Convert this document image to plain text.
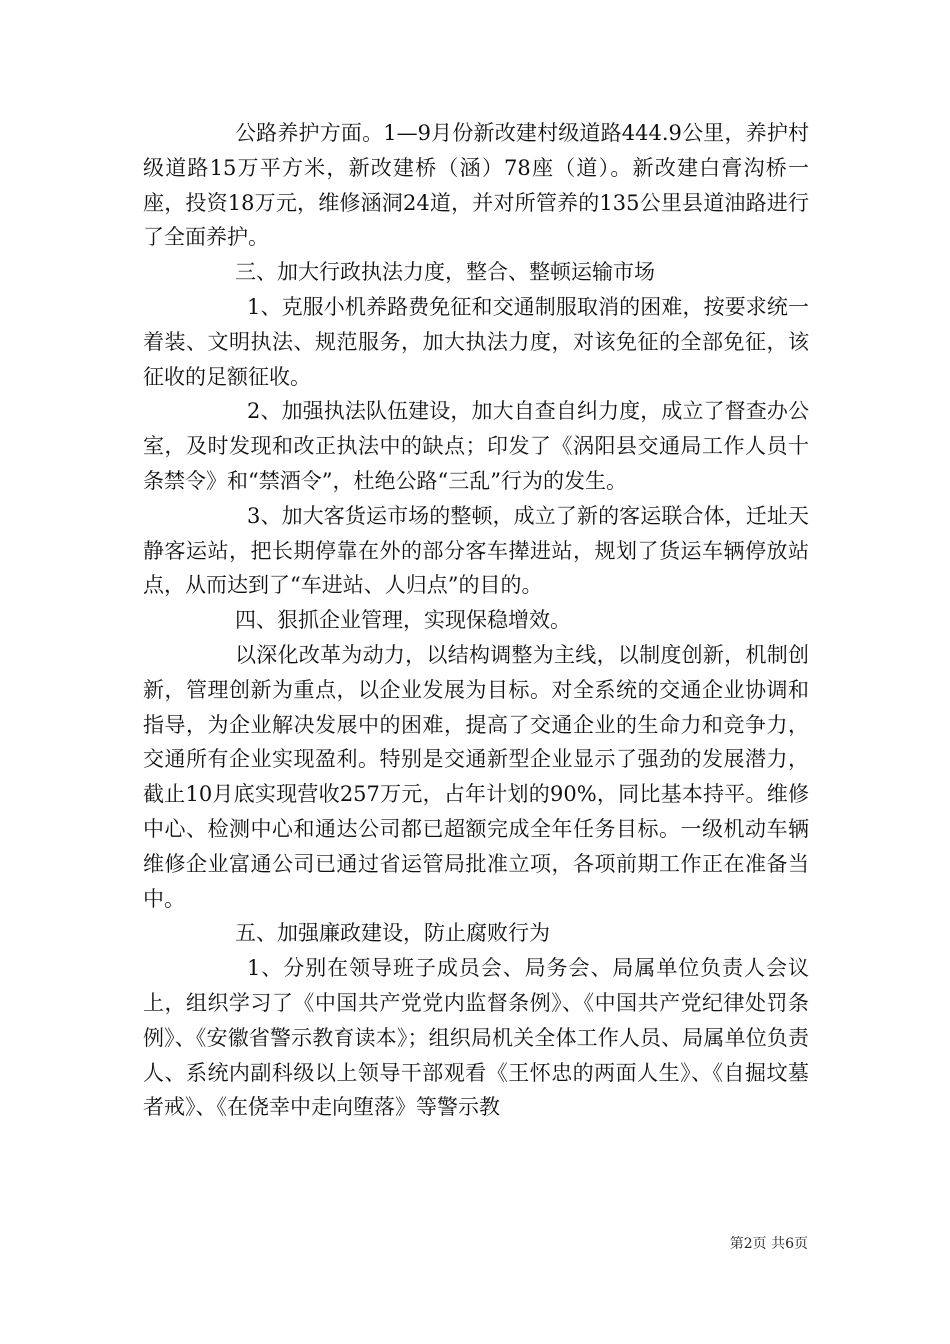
公路养护方面。1—9月份新改建村级道路444.9公里，养护村级道路15万平方米，新改建桥（涵）78座（道）。新改建白膏沟桥一座，投资18万元，维修涵洞24道，并对所管养的135公里县道油路进行了全面养护。

三、加大行政执法力度，整合、整顿运输市场

1、克服小机养路费免征和交通制服取消的困难，按要求统一着装、文明执法、规范服务，加大执法力度，对该免征的全部免征，该征收的足额征收。

2、加强执法队伍建设，加大自查自纠力度，成立了督查办公室，及时发现和改正执法中的缺点；印发了《涡阳县交通局工作人员十条禁令》和“禁酒令”，杜绝公路“三乱”行为的发生。

3、加大客货运市场的整顿，成立了新的客运联合体，迁址天静客运站，把长期停靠在外的部分客车撵进站，规划了货运车辆停放站点，从而达到了“车进站、人归点”的目的。

四、狠抓企业管理，实现保稳增效。

以深化改革为动力，以结构调整为主线，以制度创新，机制创新，管理创新为重点，以企业发展为目标。对全系统的交通企业协调和指导，为企业解决发展中的困难，提高了交通企业的生命力和竞争力，交通所有企业实现盈利。特别是交通新型企业显示了强劲的发展潜力，截止10月底实现营收257万元，占年计划的90%，同比基本持平。维修中心、检测中心和通达公司都已超额完成全年任务目标。一级机动车辆维修企业富通公司已通过省运管局批准立项，各项前期工作正在准备当中。

五、加强廉政建设，防止腐败行为

1、分别在领导班子成员会、局务会、局属单位负责人会议上，组织学习了《中国共产党党内监督条例》、《中国共产党纪律处罚条例》、《安徽省警示教育读本》；组织局机关全体工作人员、局属单位负责人、系统内副科级以上领导干部观看《王怀忠的两面人生》、《自掘坟墓者戒》、《在侥幸中走向堕落》等警示教

第2页 共6页
